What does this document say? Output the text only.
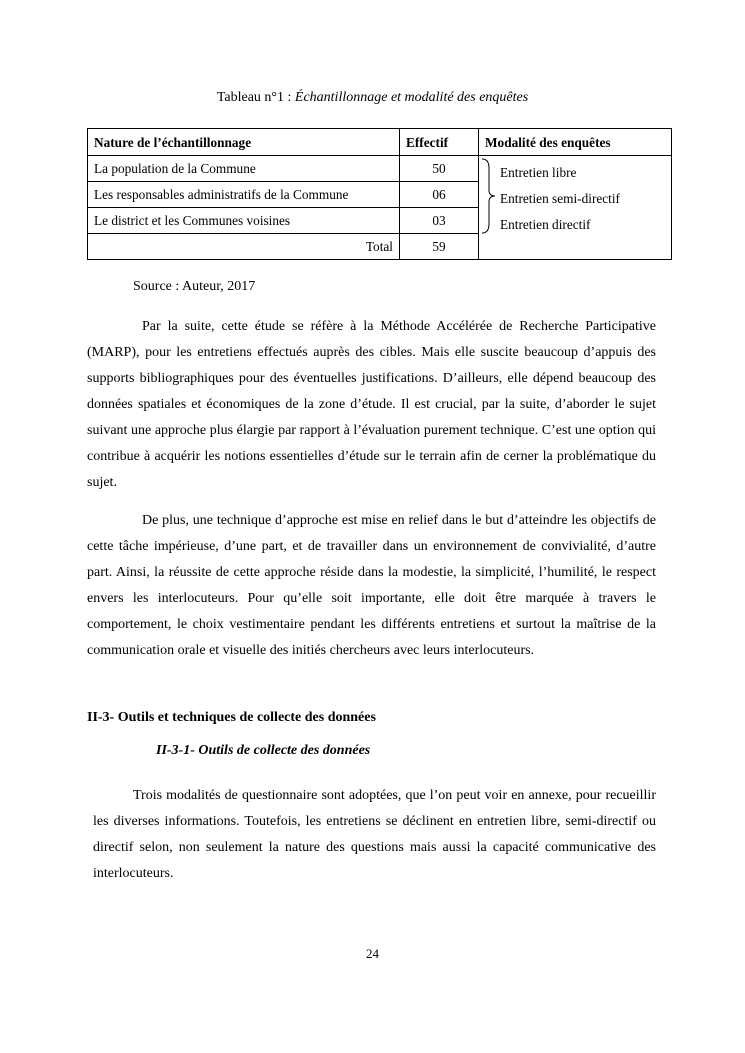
Tableau n°1 : Échantillonnage et modalité des enquêtes
Nature de l’échantillonnage	Effectif	Modalité des enquêtes
La population de la Commune	50	Entretien libre
Entretien semi-directif
Entretien directif

Les responsables administratifs de la Commune	06	
Le district et les Communes voisines	03	
Total	59	
Source : Auteur, 2017
Par la suite, cette étude se réfère à la Méthode Accélérée de Recherche Participative (MARP), pour les entretiens effectués auprès des cibles. Mais elle suscite beaucoup d’appuis des supports bibliographiques pour des éventuelles justifications. D’ailleurs, elle dépend beaucoup des données spatiales et économiques de la zone d’étude. Il est crucial, par la suite, d’aborder le sujet suivant une approche plus élargie par rapport à l’évaluation purement technique. C’est une option qui contribue à acquérir les notions essentielles d’étude sur le terrain afin de cerner la problématique du sujet.
De plus, une technique d’approche est mise en relief dans le but d’atteindre les objectifs de cette tâche impérieuse, d’une part, et de travailler dans un environnement de convivialité, d’autre part. Ainsi, la réussite de cette approche réside dans la modestie, la simplicité, l’humilité, le respect envers les interlocuteurs. Pour qu’elle soit importante, elle doit être marquée à travers le comportement, le choix vestimentaire pendant les différents entretiens et surtout la maîtrise de la communication orale et visuelle des initiés chercheurs avec leurs interlocuteurs.
II-3- Outils et techniques de collecte des données
II-3-1- Outils de collecte des données
Trois modalités de questionnaire sont adoptées, que l’on peut voir en annexe, pour recueillir les diverses informations. Toutefois, les entretiens se déclinent en entretien libre, semi-directif ou directif selon, non seulement la nature des questions mais aussi la capacité communicative des interlocuteurs.
24
